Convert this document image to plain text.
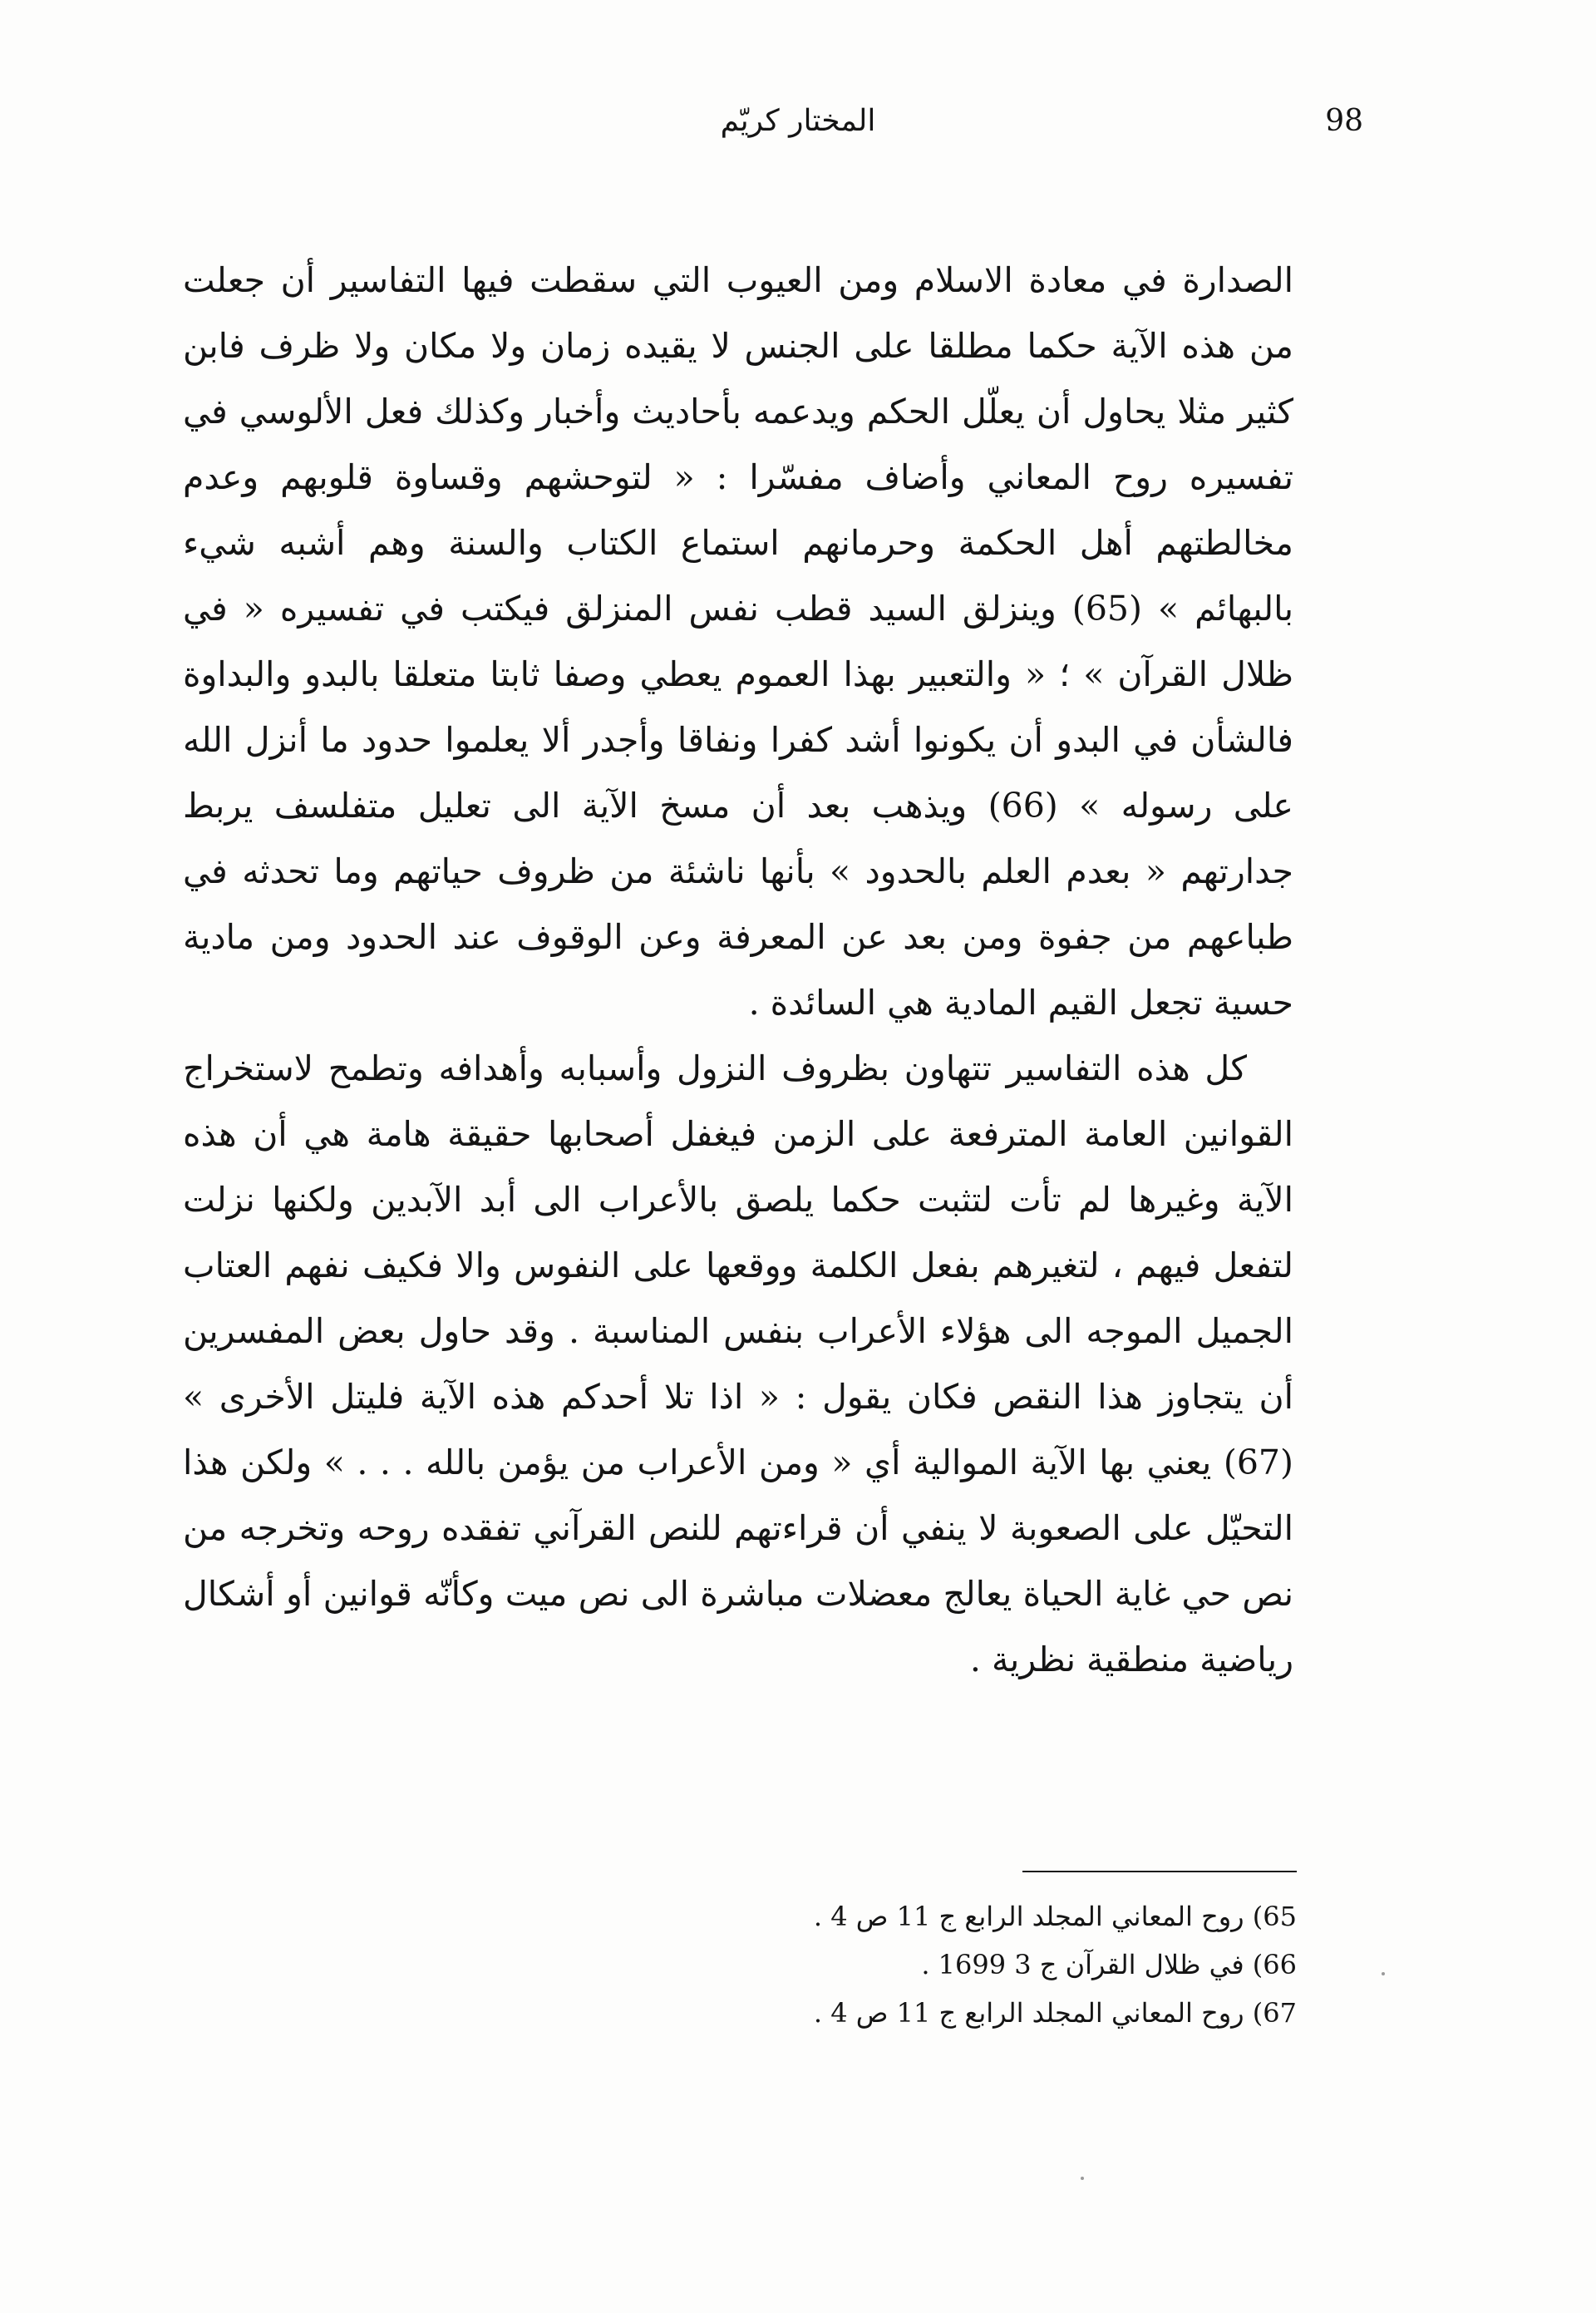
98
المختار كريّم

الصدارة في معادة الاسلام ومن العيوب التي سقطت فيها التفاسير أن جعلت من هذه الآية حكما مطلقا على الجنس لا يقيده زمان ولا مكان ولا ظرف فابن كثير مثلا يحاول أن يعلّل الحكم ويدعمه بأحاديث وأخبار وكذلك فعل الألوسي في تفسيره روح المعاني وأضاف مفسّرا : « لتوحشهم وقساوة قلوبهم وعدم مخالطتهم أهل الحكمة وحرمانهم استماع الكتاب والسنة وهم أشبه شيء بالبهائم » (65) وينزلق السيد قطب نفس المنزلق فيكتب في تفسيره « في ظلال القرآن » ؛ « والتعبير بهذا العموم يعطي وصفا ثابتا متعلقا بالبدو والبداوة فالشأن في البدو أن يكونوا أشد كفرا ونفاقا وأجدر ألا يعلموا حدود ما أنزل الله على رسوله » (66) ويذهب بعد أن مسخ الآية الى تعليل متفلسف يربط جدارتهم « بعدم العلم بالحدود » بأنها ناشئة من ظروف حياتهم وما تحدثه في طباعهم من جفوة ومن بعد عن المعرفة وعن الوقوف عند الحدود ومن مادية حسية تجعل القيم المادية هي السائدة .

كل هذه التفاسير تتهاون بظروف النزول وأسبابه وأهدافه وتطمح لاستخراج القوانين العامة المترفعة على الزمن فيغفل أصحابها حقيقة هامة هي أن هذه الآية وغيرها لم تأت لتثبت حكما يلصق بالأعراب الى أبد الآبدين ولكنها نزلت لتفعل فيهم ، لتغيرهم بفعل الكلمة ووقعها على النفوس والا فكيف نفهم العتاب الجميل الموجه الى هؤلاء الأعراب بنفس المناسبة . وقد حاول بعض المفسرين أن يتجاوز هذا النقص فكان يقول : « اذا تلا أحدكم هذه الآية فليتل الأخرى » (67) يعني بها الآية الموالية أي « ومن الأعراب من يؤمن بالله . . . » ولكن هذا التحيّل على الصعوبة لا ينفي أن قراءتهم للنص القرآني تفقده روحه وتخرجه من نص حي غاية الحياة يعالج معضلات مباشرة الى نص ميت وكأنّه قوانين أو أشكال رياضية منطقية نظرية .

65) روح المعاني المجلد الرابع ج 11 ص 4 .

66) في ظلال القرآن ج 3 1699 .

67) روح المعاني المجلد الرابع ج 11 ص 4 .
